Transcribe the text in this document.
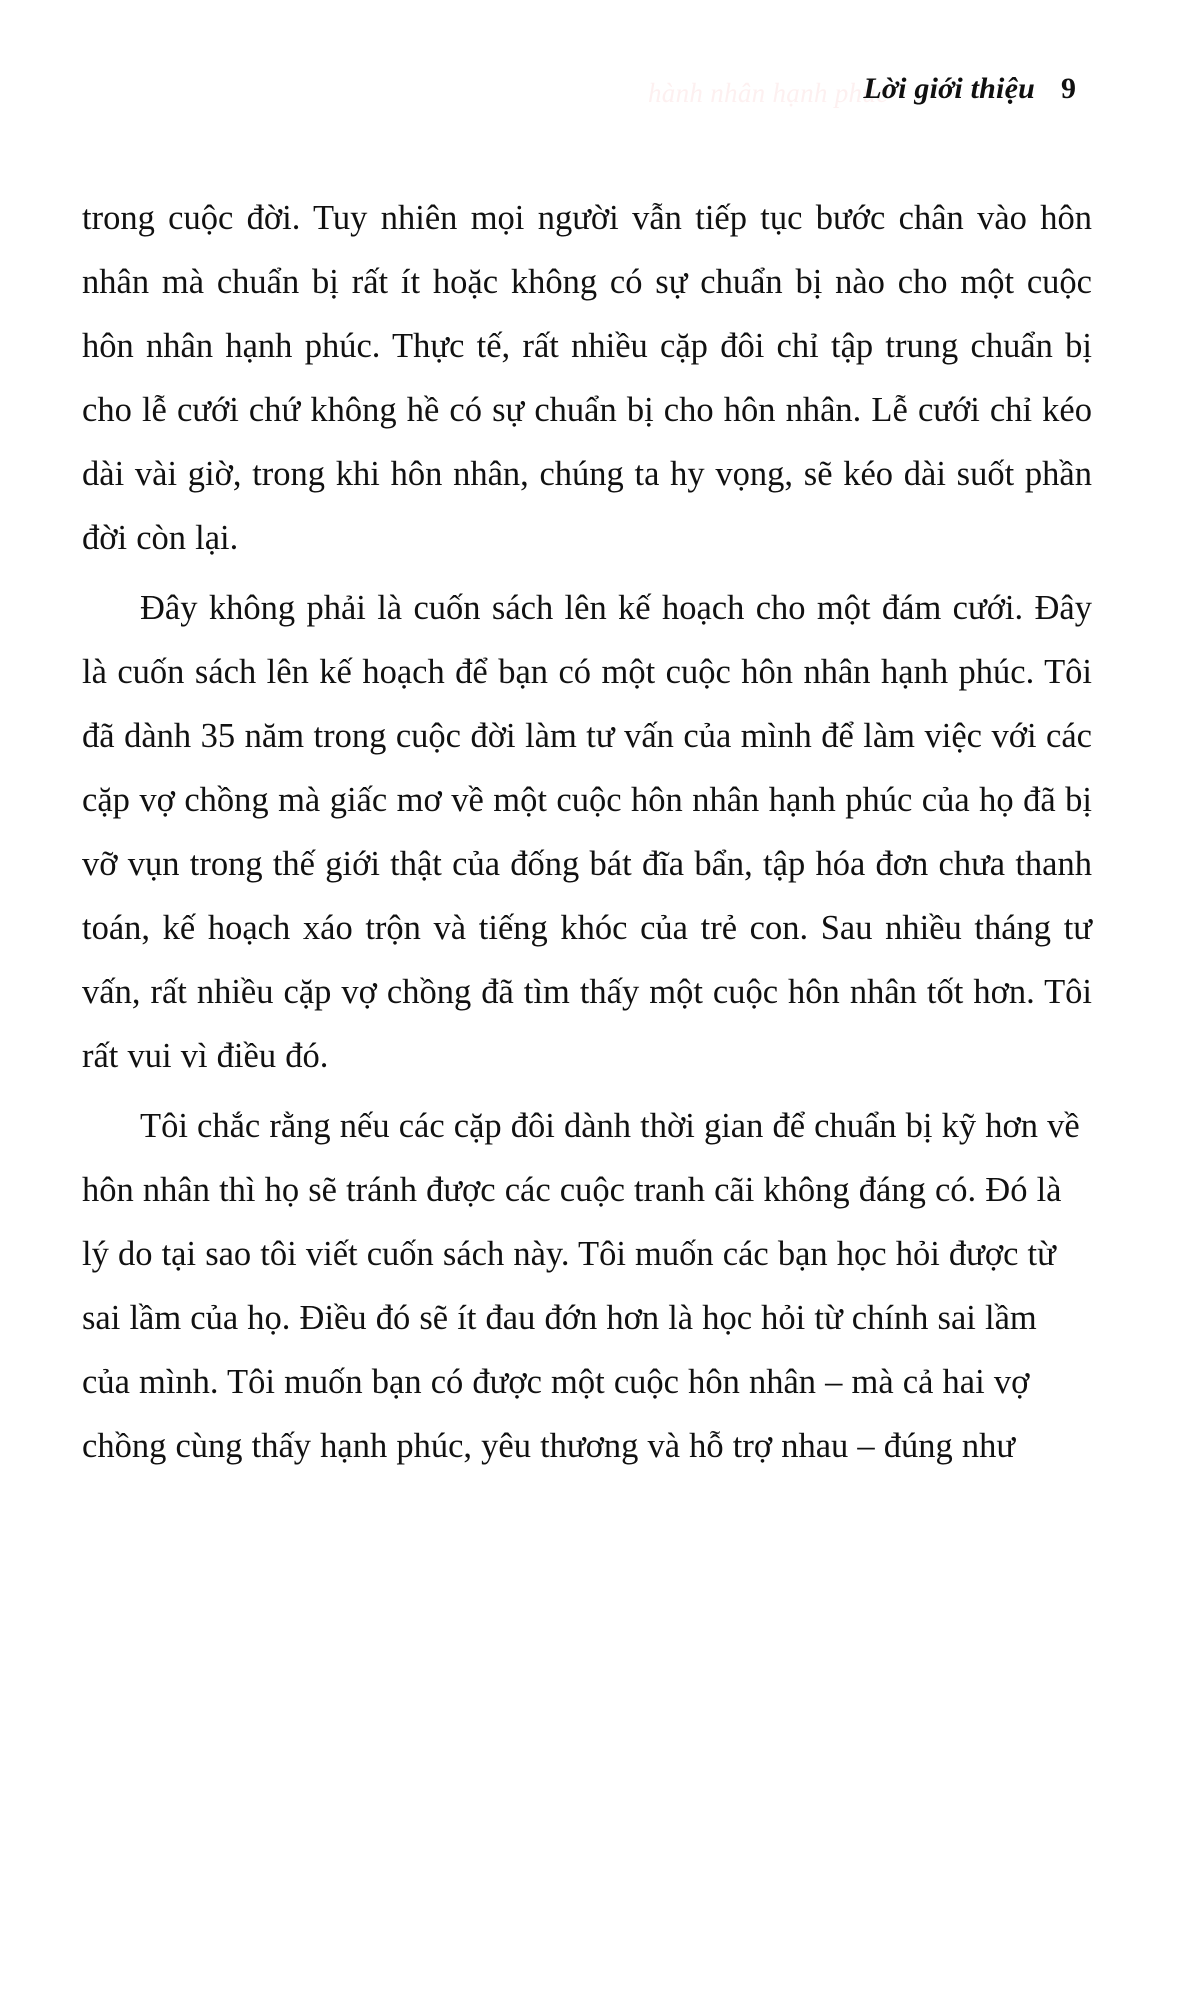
hành nhân hạnh phúc
Lời giới thiệu 9

trong cuộc đời. Tuy nhiên mọi người vẫn tiếp tục bước chân vào hôn nhân mà chuẩn bị rất ít hoặc không có sự chuẩn bị nào cho một cuộc hôn nhân hạnh phúc. Thực tế, rất nhiều cặp đôi chỉ tập trung chuẩn bị cho lễ cưới chứ không hề có sự chuẩn bị cho hôn nhân. Lễ cưới chỉ kéo dài vài giờ, trong khi hôn nhân, chúng ta hy vọng, sẽ kéo dài suốt phần đời còn lại.

Đây không phải là cuốn sách lên kế hoạch cho một đám cưới. Đây là cuốn sách lên kế hoạch để bạn có một cuộc hôn nhân hạnh phúc. Tôi đã dành 35 năm trong cuộc đời làm tư vấn của mình để làm việc với các cặp vợ chồng mà giấc mơ về một cuộc hôn nhân hạnh phúc của họ đã bị vỡ vụn trong thế giới thật của đống bát đĩa bẩn, tập hóa đơn chưa thanh toán, kế hoạch xáo trộn và tiếng khóc của trẻ con. Sau nhiều tháng tư vấn, rất nhiều cặp vợ chồng đã tìm thấy một cuộc hôn nhân tốt hơn. Tôi rất vui vì điều đó.

Tôi chắc rằng nếu các cặp đôi dành thời gian để chuẩn bị kỹ hơn về hôn nhân thì họ sẽ tránh được các cuộc tranh cãi không đáng có. Đó là lý do tại sao tôi viết cuốn sách này. Tôi muốn các bạn học hỏi được từ sai lầm của họ. Điều đó sẽ ít đau đớn hơn là học hỏi từ chính sai lầm của mình. Tôi muốn bạn có được một cuộc hôn nhân – mà cả hai vợ chồng cùng thấy hạnh phúc, yêu thương và hỗ trợ nhau – đúng như
